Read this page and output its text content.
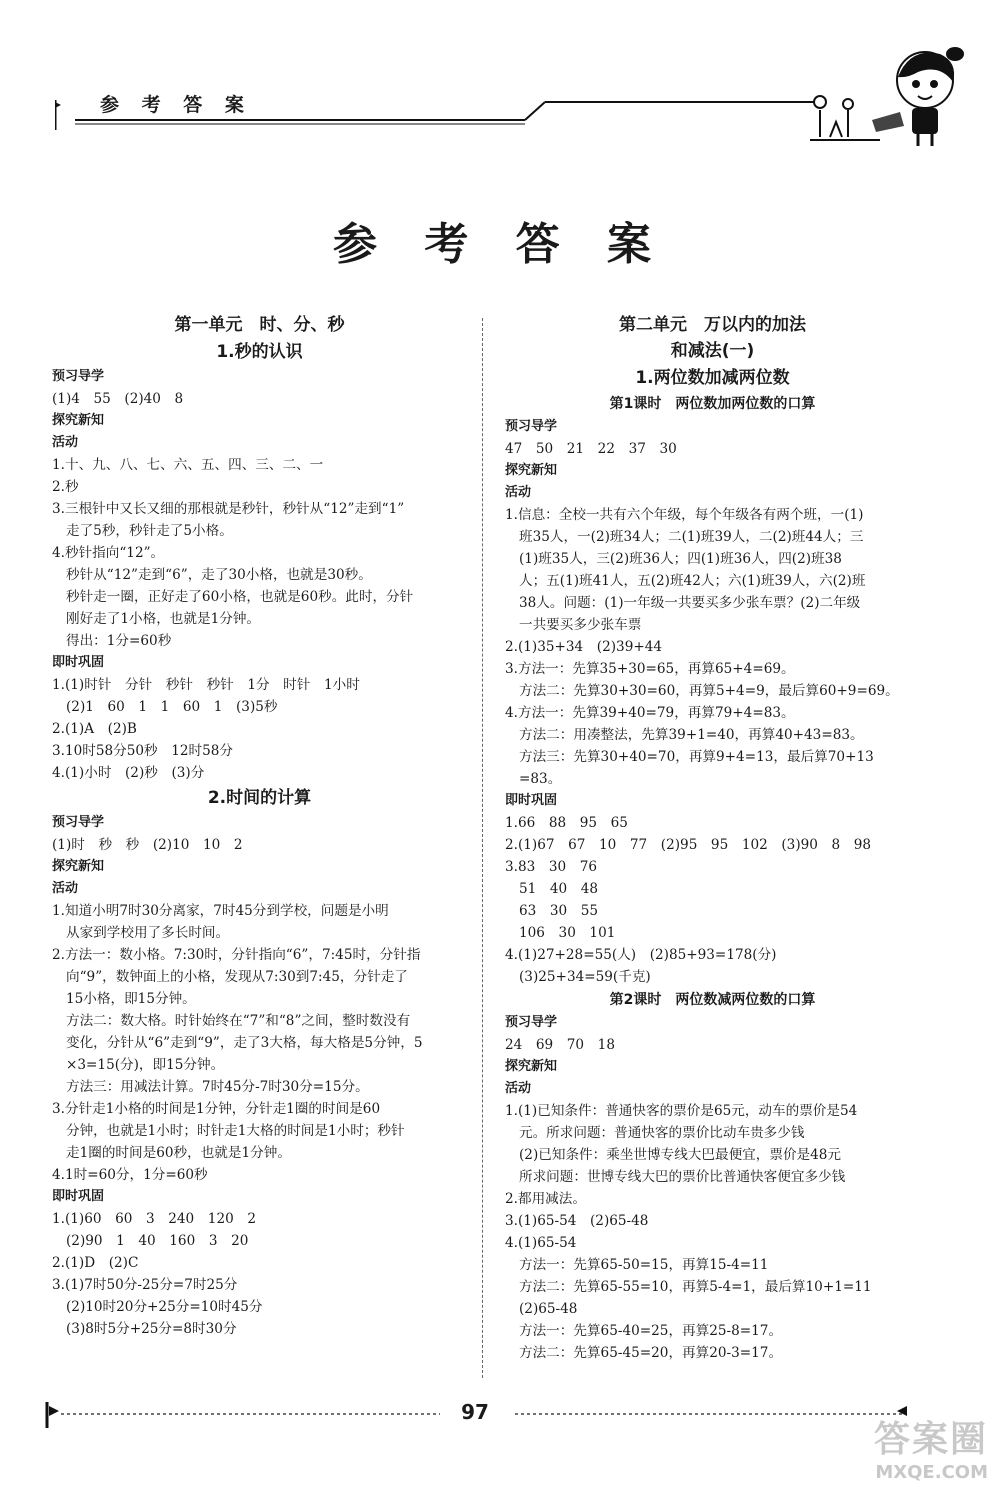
参 考 答 案
参 考 答 案
第一单元　时、分、秒
1.秒的认识
预习导学
(1)4　55　(2)40　8
探究新知
活动
1.十、九、八、七、六、五、四、三、二、一
2.秒
3.三根针中又长又细的那根就是秒针，秒针从“12”走到“1”
走了5秒，秒针走了5小格。
4.秒针指向“12”。
秒针从“12”走到“6”，走了30小格，也就是30秒。
秒针走一圈，正好走了60小格，也就是60秒。此时，分针
刚好走了1小格，也就是1分钟。
得出：1分=60秒
即时巩固
1.(1)时针　分针　秒针　秒针　1分　时针　1小时
(2)1　60　1　1　60　1　(3)5秒
2.(1)A　(2)B
3.10时58分50秒　12时58分
4.(1)小时　(2)秒　(3)分
2.时间的计算
预习导学
(1)时　秒　秒　(2)10　10　2
探究新知
活动
1.知道小明7时30分离家，7时45分到学校，问题是小明
从家到学校用了多长时间。
2.方法一：数小格。7:30时，分针指向“6”，7:45时，分针指
向“9”，数钟面上的小格，发现从7:30到7:45，分针走了
15小格，即15分钟。
方法二：数大格。时针始终在“7”和“8”之间，整时数没有
变化，分针从“6”走到“9”，走了3大格，每大格是5分钟，5
×3=15(分)，即15分钟。
方法三：用减法计算。7时45分-7时30分=15分。
3.分针走1小格的时间是1分钟，分针走1圈的时间是60
分钟，也就是1小时；时针走1大格的时间是1小时；秒针
走1圈的时间是60秒，也就是1分钟。
4.1时=60分，1分=60秒
即时巩固
1.(1)60　60　3　240　120　2
(2)90　1　40　160　3　20
2.(1)D　(2)C
3.(1)7时50分-25分=7时25分
(2)10时20分+25分=10时45分
(3)8时5分+25分=8时30分
第二单元　万以内的加法
和减法(一)
1.两位数加减两位数
第1课时　两位数加两位数的口算
预习导学
47　50　21　22　37　30
探究新知
活动
1.信息：全校一共有六个年级，每个年级各有两个班，一(1)
班35人，一(2)班34人；二(1)班39人，二(2)班44人；三
(1)班35人，三(2)班36人；四(1)班36人，四(2)班38
人；五(1)班41人，五(2)班42人；六(1)班39人，六(2)班
38人。问题：(1)一年级一共要买多少张车票？(2)二年级
一共要买多少张车票
2.(1)35+34　(2)39+44
3.方法一：先算35+30=65，再算65+4=69。
方法二：先算30+30=60，再算5+4=9，最后算60+9=69。
4.方法一：先算39+40=79，再算79+4=83。
方法二：用凑整法，先算39+1=40，再算40+43=83。
方法三：先算30+40=70，再算9+4=13，最后算70+13
=83。
即时巩固
1.66　88　95　65
2.(1)67　67　10　77　(2)95　95　102　(3)90　8　98
3.83　30　76
51　40　48
63　30　55
106　30　101
4.(1)27+28=55(人)　(2)85+93=178(分)
(3)25+34=59(千克)
第2课时　两位数减两位数的口算
预习导学
24　69　70　18
探究新知
活动
1.(1)已知条件：普通快客的票价是65元，动车的票价是54
元。所求问题：普通快客的票价比动车贵多少钱
(2)已知条件：乘坐世博专线大巴最便宜，票价是48元
所求问题：世博专线大巴的票价比普通快客便宜多少钱
2.都用减法。
3.(1)65-54　(2)65-48
4.(1)65-54
方法一：先算65-50=15，再算15-4=11
方法二：先算65-55=10，再算5-4=1，最后算10+1=11
(2)65-48
方法一：先算65-40=25，再算25-8=17。
方法二：先算65-45=20，再算20-3=17。
97
答案圈
MXQE.COM
